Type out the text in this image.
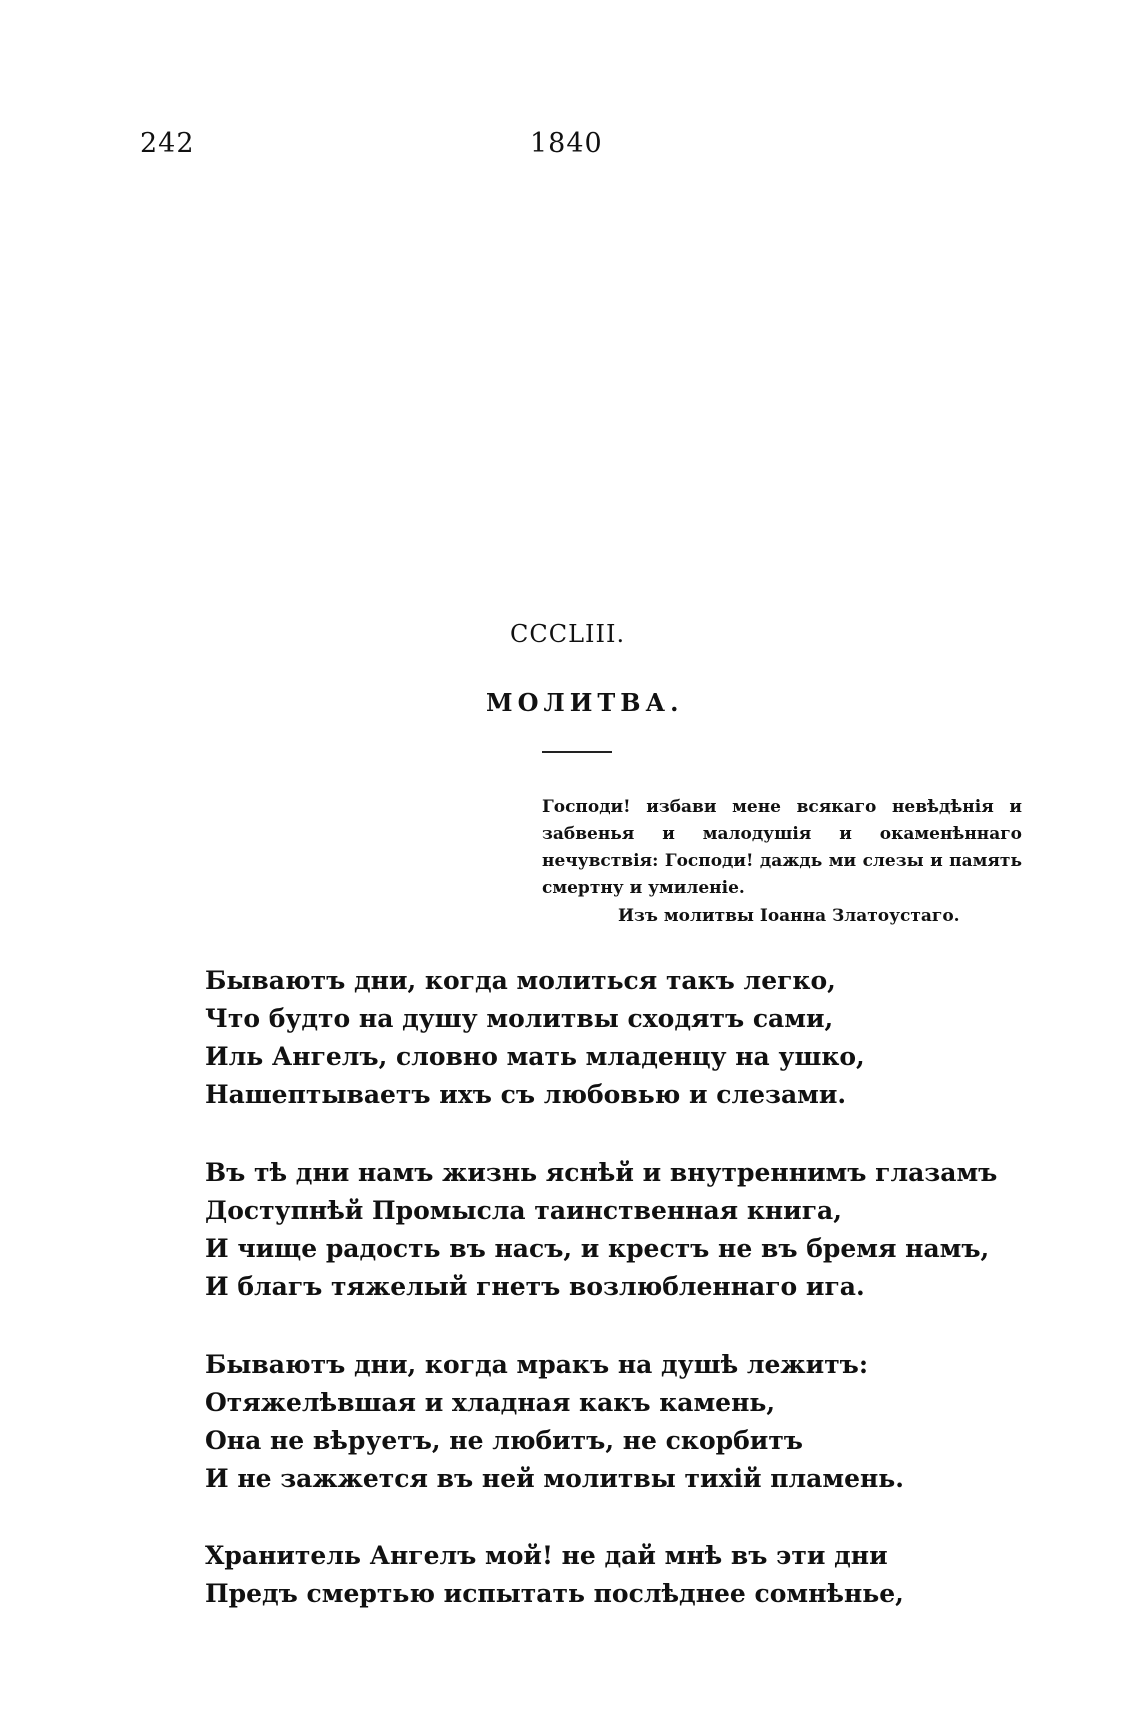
242	1840
CCCLIII.
МОЛИТВА.
Господи! избави мене всякаго невѣдѣнія и забвенья и малодушія и окаменѣннаго нечувствія: Господи! даждь ми слезы и память смертну и умиленіе.
Изъ молитвы Іоанна Златоустаго.
Бываютъ дни, когда молиться такъ легко,
Что будто на душу молитвы сходятъ сами,
Иль Ангелъ, словно мать младенцу на ушко,
Нашептываетъ ихъ съ любовью и слезами.
Въ тѣ дни намъ жизнь яснѣй и внутреннимъ глазамъ
Доступнѣй Промысла таинственная книга,
И чище радость въ насъ, и крестъ не въ бремя намъ,
И благъ тяжелый гнетъ возлюбленнаго ига.
Бываютъ дни, когда мракъ на душѣ лежитъ:
Отяжелѣвшая и хладная какъ камень,
Она не вѣруетъ, не любитъ, не скорбитъ
И не зажжется въ ней молитвы тихій пламень.
Хранитель Ангелъ мой! не дай мнѣ въ эти дни
Предъ смертью испытать послѣднее сомнѣнье,
